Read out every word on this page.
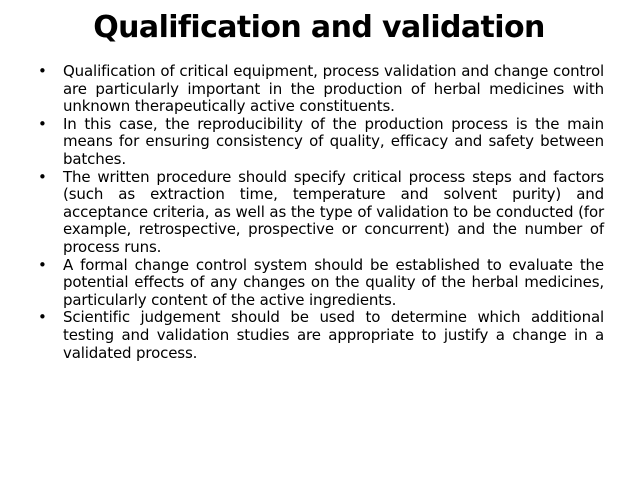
Qualification and validation
• Qualification of critical equipment, process validation and change control are particularly important in the production of herbal medicines with unknown therapeutically active constituents.
• In this case, the reproducibility of the production process is the main means for ensuring consistency of quality, efficacy and safety between batches.
• The written procedure should specify critical process steps and factors (such as extraction time, temperature and solvent purity) and acceptance criteria, as well as the type of validation to be conducted (for example, retrospective, prospective or concurrent) and the number of process runs.
• A formal change control system should be established to evaluate the potential effects of any changes on the quality of the herbal medicines, particularly content of the active ingredients.
• Scientific judgement should be used to determine which additional testing and validation studies are appropriate to justify a change in a validated process.
